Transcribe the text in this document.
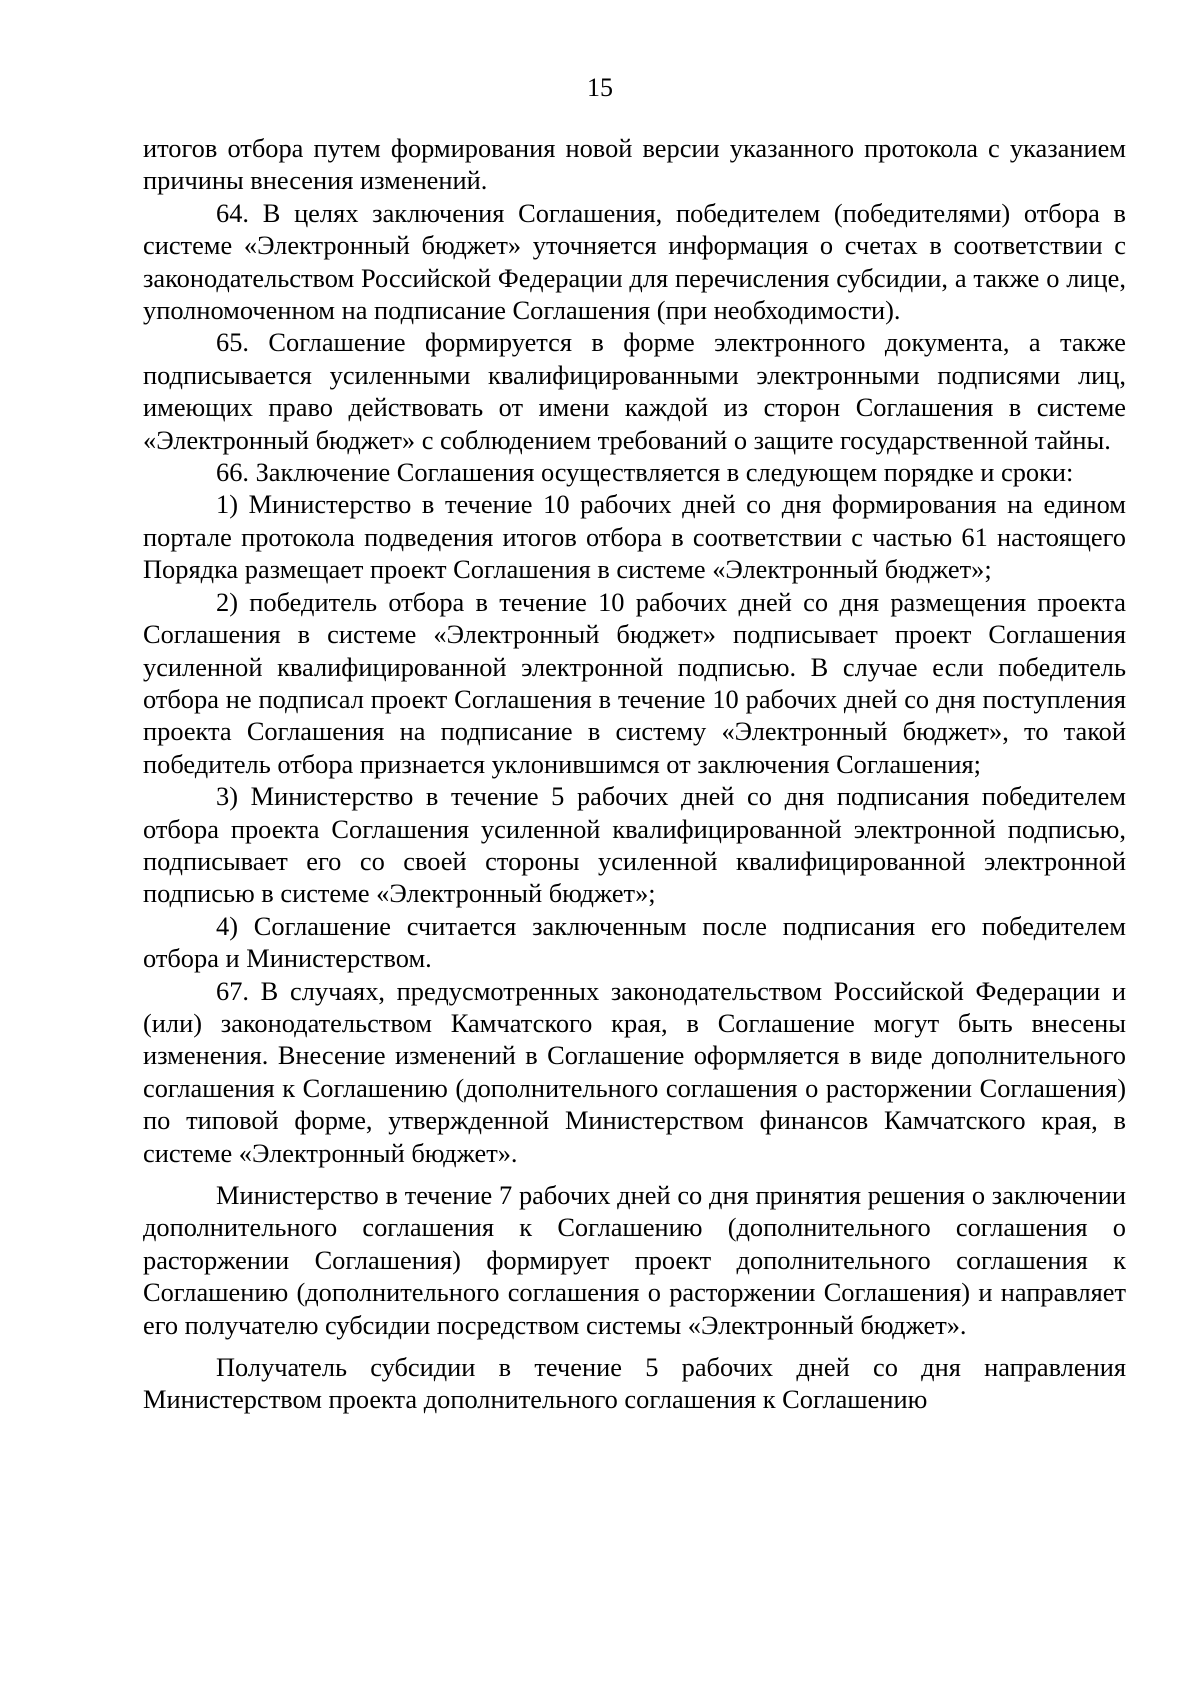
15

итогов отбора путем формирования новой версии указанного протокола с указанием причины внесения изменений.

64. В целях заключения Соглашения, победителем (победителями) отбора в системе «Электронный бюджет» уточняется информация о счетах в соответствии с законодательством Российской Федерации для перечисления субсидии, а также о лице, уполномоченном на подписание Соглашения (при необходимости).

65. Соглашение формируется в форме электронного документа, а также подписывается усиленными квалифицированными электронными подписями лиц, имеющих право действовать от имени каждой из сторон Соглашения в системе «Электронный бюджет» с соблюдением требований о защите государственной тайны.

66. Заключение Соглашения осуществляется в следующем порядке и сроки:

1) Министерство в течение 10 рабочих дней со дня формирования на едином портале протокола подведения итогов отбора в соответствии с частью 61 настоящего Порядка размещает проект Соглашения в системе «Электронный бюджет»;

2) победитель отбора в течение 10 рабочих дней со дня размещения проекта Соглашения в системе «Электронный бюджет» подписывает проект Соглашения усиленной квалифицированной электронной подписью. В случае если победитель отбора не подписал проект Соглашения в течение 10 рабочих дней со дня поступления проекта Соглашения на подписание в систему «Электронный бюджет», то такой победитель отбора признается уклонившимся от заключения Соглашения;

3) Министерство в течение 5 рабочих дней со дня подписания победителем отбора проекта Соглашения усиленной квалифицированной электронной подписью, подписывает его со своей стороны усиленной квалифицированной электронной подписью в системе «Электронный бюджет»;

4) Соглашение считается заключенным после подписания его победителем отбора и Министерством.

67. В случаях, предусмотренных законодательством Российской Федерации и (или) законодательством Камчатского края, в Соглашение могут быть внесены изменения. Внесение изменений в Соглашение оформляется в виде дополнительного соглашения к Соглашению (дополнительного соглашения о расторжении Соглашения) по типовой форме, утвержденной Министерством финансов Камчатского края, в системе «Электронный бюджет».

Министерство в течение 7 рабочих дней со дня принятия решения о заключении дополнительного соглашения к Соглашению (дополнительного соглашения о расторжении Соглашения) формирует проект дополнительного соглашения к Соглашению (дополнительного соглашения о расторжении Соглашения) и направляет его получателю субсидии посредством системы «Электронный бюджет».

Получатель субсидии в течение 5 рабочих дней со дня направления Министерством проекта дополнительного соглашения к Соглашению
